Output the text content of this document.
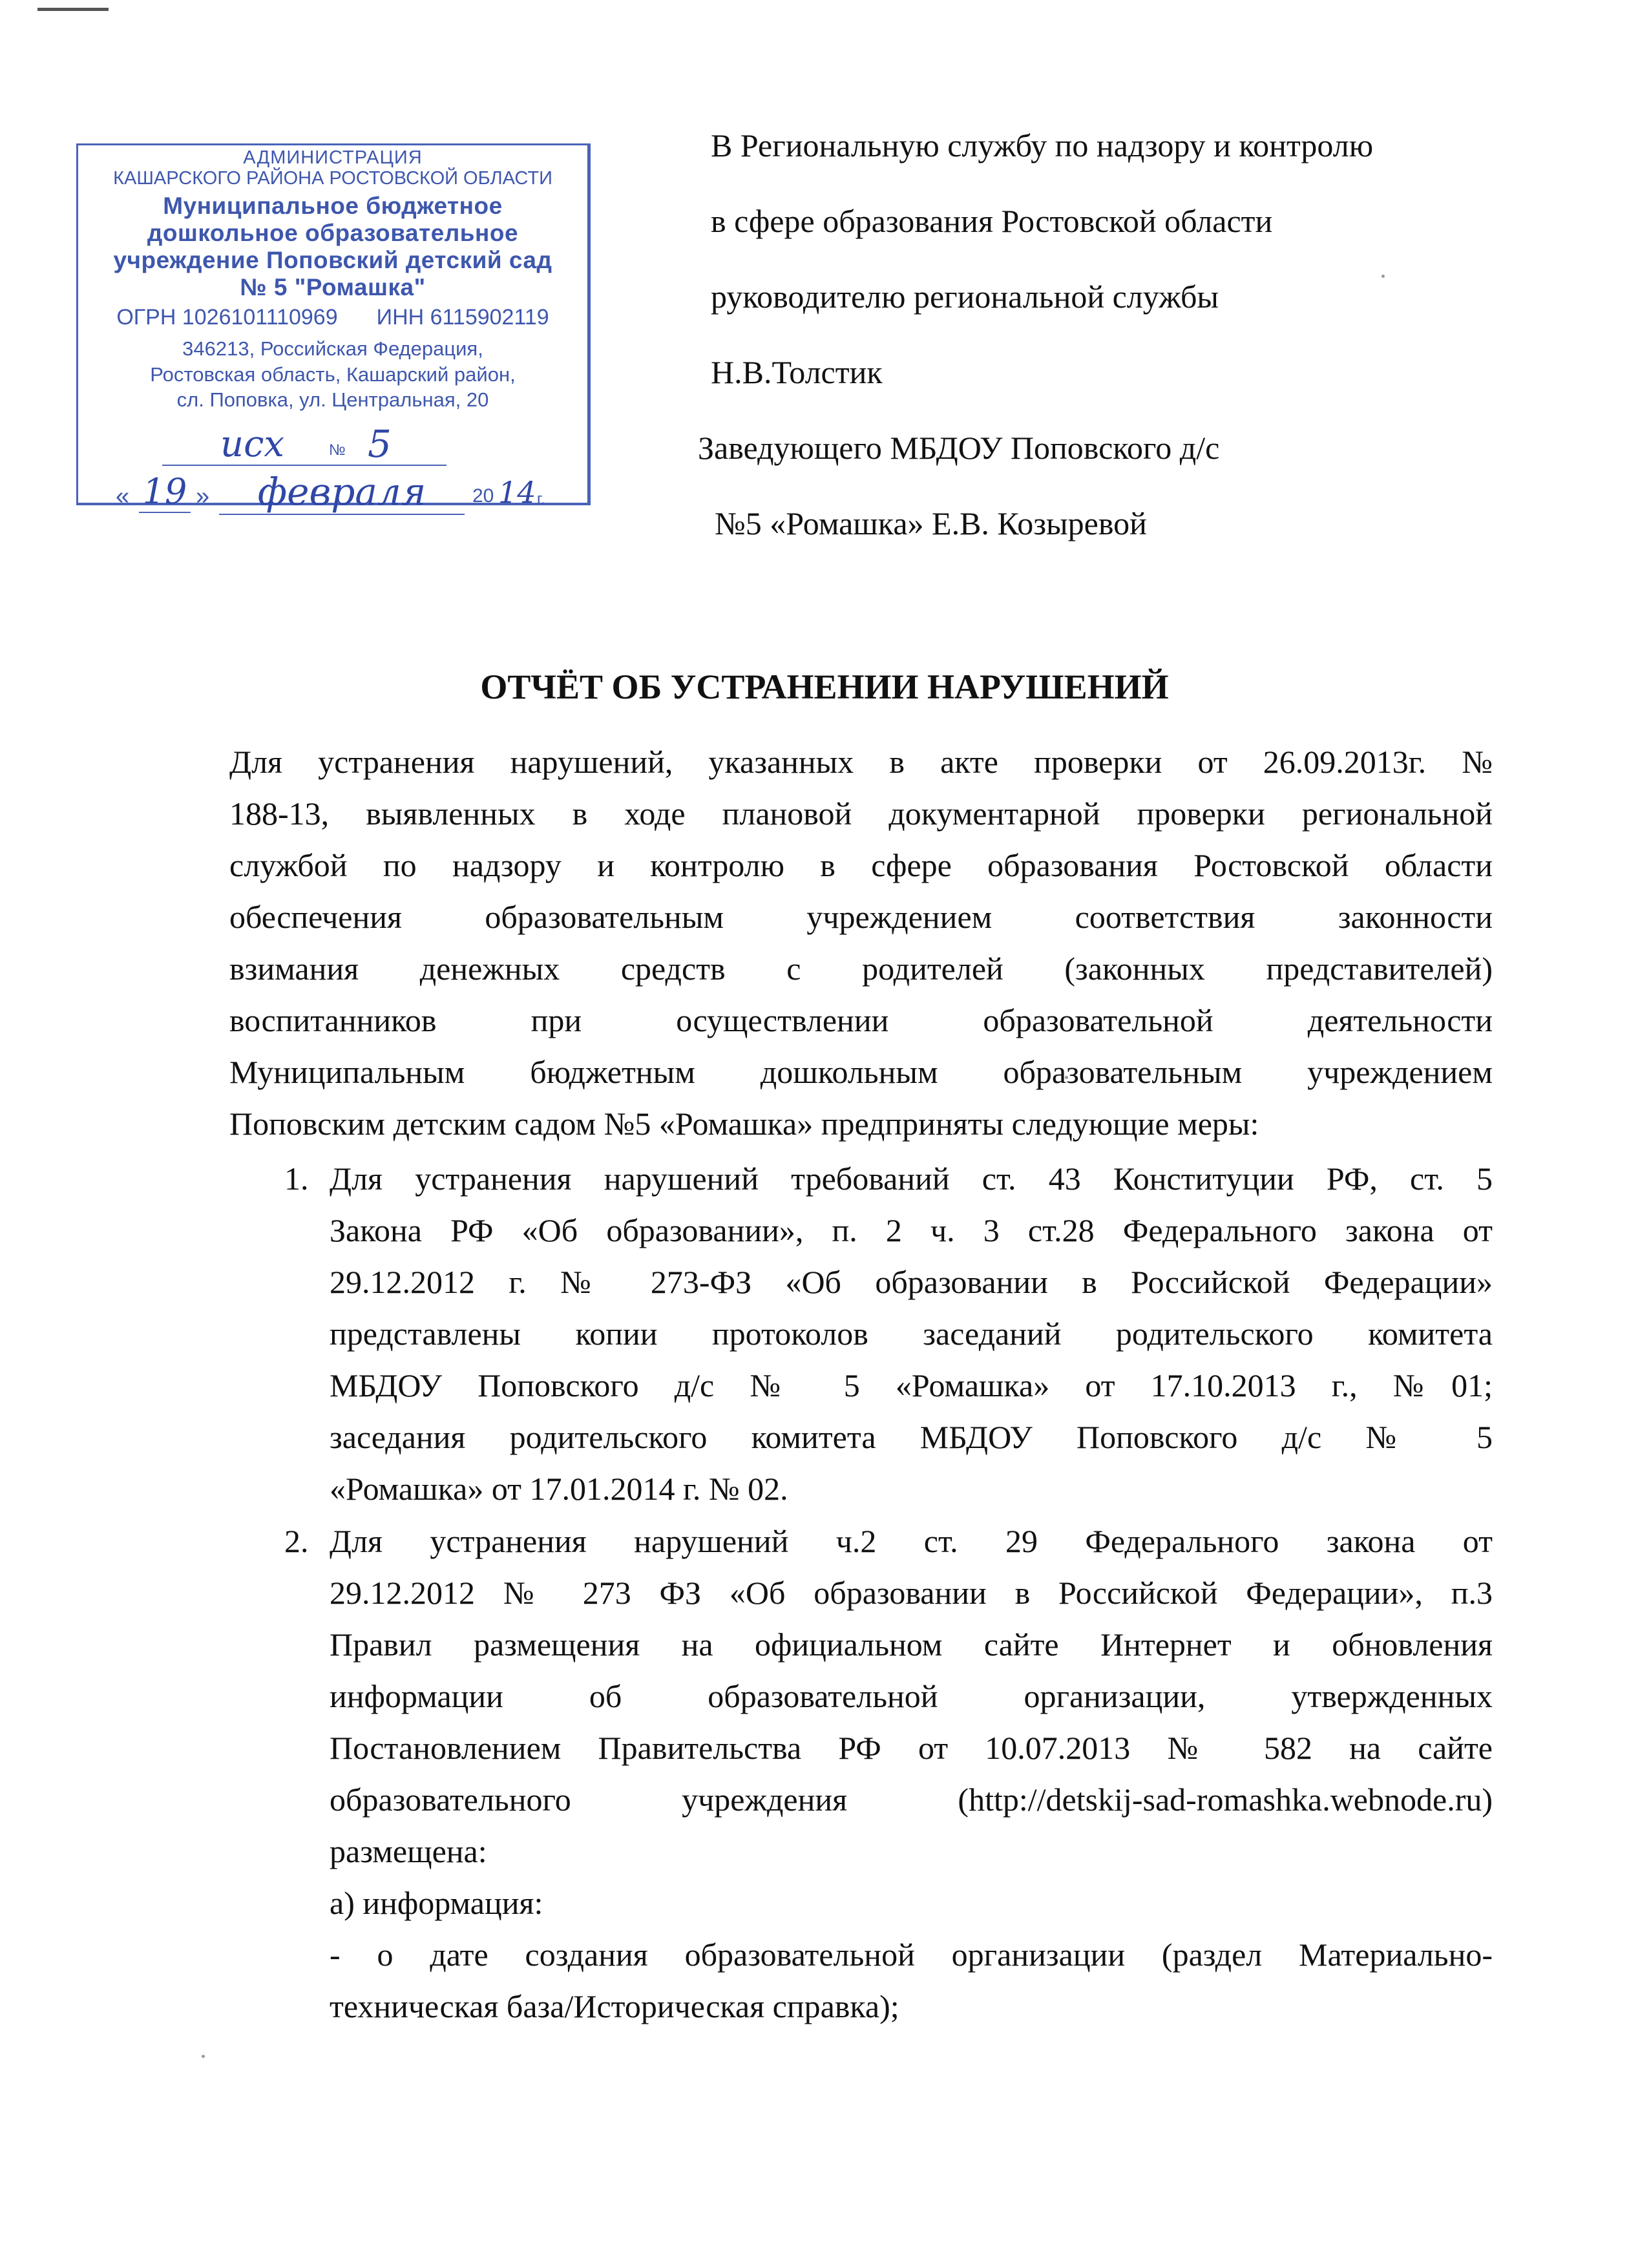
АДМИНИСТРАЦИЯ
КАШАРСКОГО РАЙОНА РОСТОВСКОЙ ОБЛАСТИ
Муниципальное бюджетное
дошкольное образовательное
учреждение Поповский детский сад
№ 5 "Ромашка"
ОГРН 1026101110969 ИНН 6115902119
346213, Российская Федерация,
Ростовская область, Кашарский район,
сл. Поповка, ул. Центральная, 20
исх	№ 5
« 19 »	февраля	20 14 г.
В Региональную службу по надзору и контролю
в сфере образования Ростовской области
руководителю региональной службы
Н.В.Толстик
Заведующего МБДОУ Поповского д/с
№5 «Ромашка» Е.В. Козыревой
ОТЧЁТ ОБ УСТРАНЕНИИ НАРУШЕНИЙ
Для устранения нарушений, указанных в акте проверки от 26.09.2013г. №
188-13, выявленных в ходе плановой документарной проверки региональной
службой по надзору и контролю в сфере образования Ростовской области
обеспечения образовательным учреждением соответствия законности
взимания денежных средств с родителей (законных представителей)
воспитанников при осуществлении образовательной деятельности
Муниципальным бюджетным дошкольным образовательным учреждением
Поповским детским садом №5 «Ромашка» предприняты следующие меры:
1. Для устранения нарушений требований ст. 43 Конституции РФ, ст. 5
Закона РФ «Об образовании», п. 2 ч. 3 ст.28 Федерального закона от
29.12.2012 г. № 273-ФЗ «Об образовании в Российской Федерации»
представлены копии протоколов заседаний родительского комитета
МБДОУ Поповского д/с № 5 «Ромашка» от 17.10.2013 г., №01;
заседания родительского комитета МБДОУ Поповского д/с № 5
«Ромашка» от 17.01.2014 г. № 02.
2. Для устранения нарушений ч.2 ст. 29 Федерального закона от
29.12.2012 № 273 ФЗ «Об образовании в Российской Федерации», п.3
Правил размещения на официальном сайте Интернет и обновления
информации об образовательной организации, утвержденных
Постановлением Правительства РФ от 10.07.2013 № 582 на сайте
образовательного учреждения (http://detskij-sad-romashka.webnode.ru)
размещена:
а) информация:
- о дате создания образовательной организации (раздел Материально-
техническая база/Историческая справка);
